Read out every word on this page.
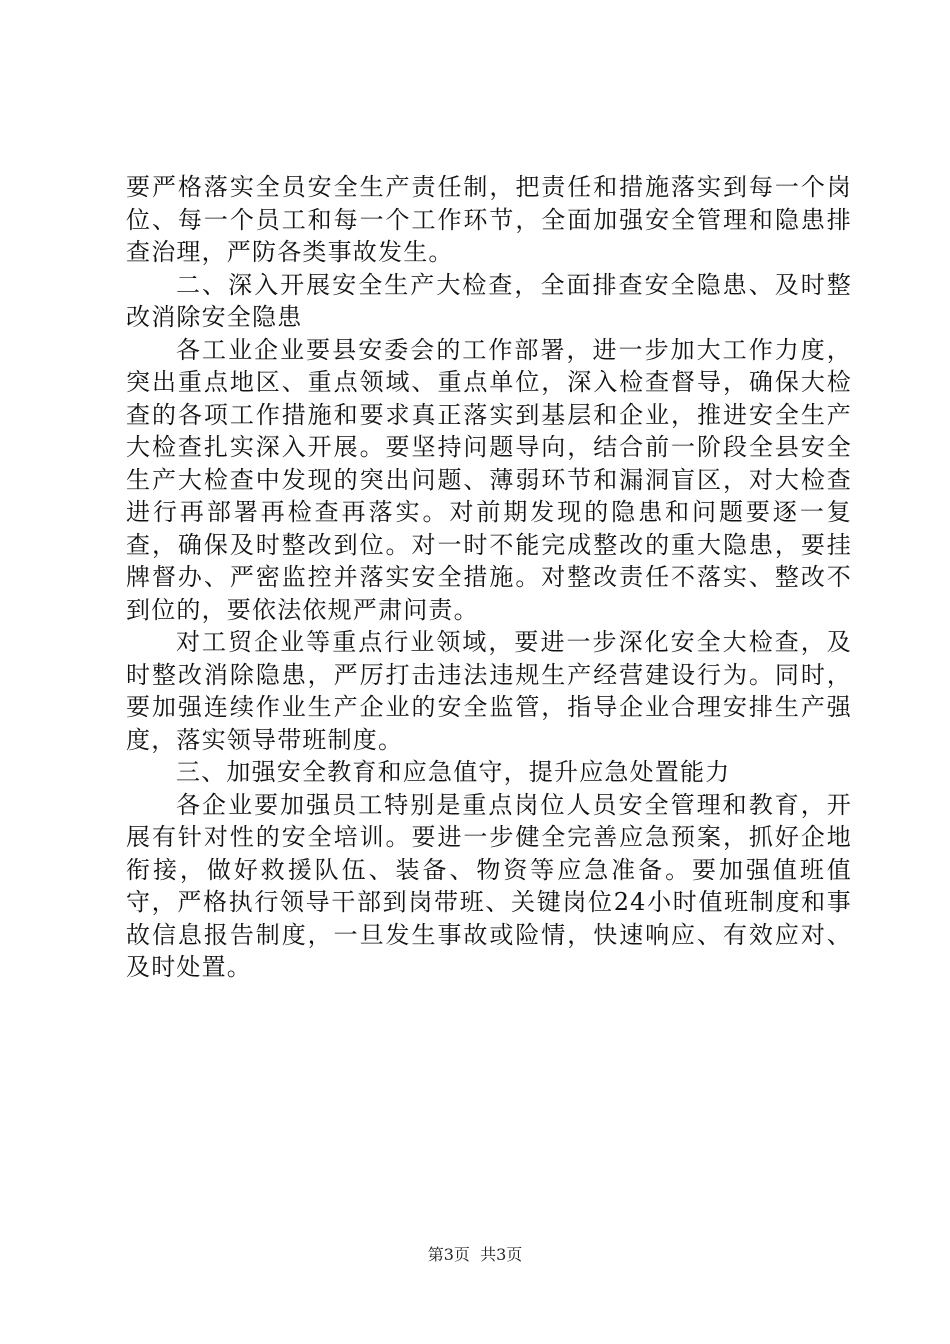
要严格落实全员安全生产责任制，把责任和措施落实到每一个岗位、每一个员工和每一个工作环节，全面加强安全管理和隐患排查治理，严防各类事故发生。

二、深入开展安全生产大检查，全面排查安全隐患、及时整改消除安全隐患

各工业企业要县安委会的工作部署，进一步加大工作力度，突出重点地区、重点领域、重点单位，深入检查督导，确保大检查的各项工作措施和要求真正落实到基层和企业，推进安全生产大检查扎实深入开展。要坚持问题导向，结合前一阶段全县安全生产大检查中发现的突出问题、薄弱环节和漏洞盲区，对大检查进行再部署再检查再落实。对前期发现的隐患和问题要逐一复查，确保及时整改到位。对一时不能完成整改的重大隐患，要挂牌督办、严密监控并落实安全措施。对整改责任不落实、整改不到位的，要依法依规严肃问责。

对工贸企业等重点行业领域，要进一步深化安全大检查，及时整改消除隐患，严厉打击违法违规生产经营建设行为。同时，要加强连续作业生产企业的安全监管，指导企业合理安排生产强度，落实领导带班制度。

三、加强安全教育和应急值守，提升应急处置能力

各企业要加强员工特别是重点岗位人员安全管理和教育，开展有针对性的安全培训。要进一步健全完善应急预案，抓好企地衔接，做好救援队伍、装备、物资等应急准备。要加强值班值守，严格执行领导干部到岗带班、关键岗位24小时值班制度和事故信息报告制度，一旦发生事故或险情，快速响应、有效应对、及时处置。

第3页  共3页
